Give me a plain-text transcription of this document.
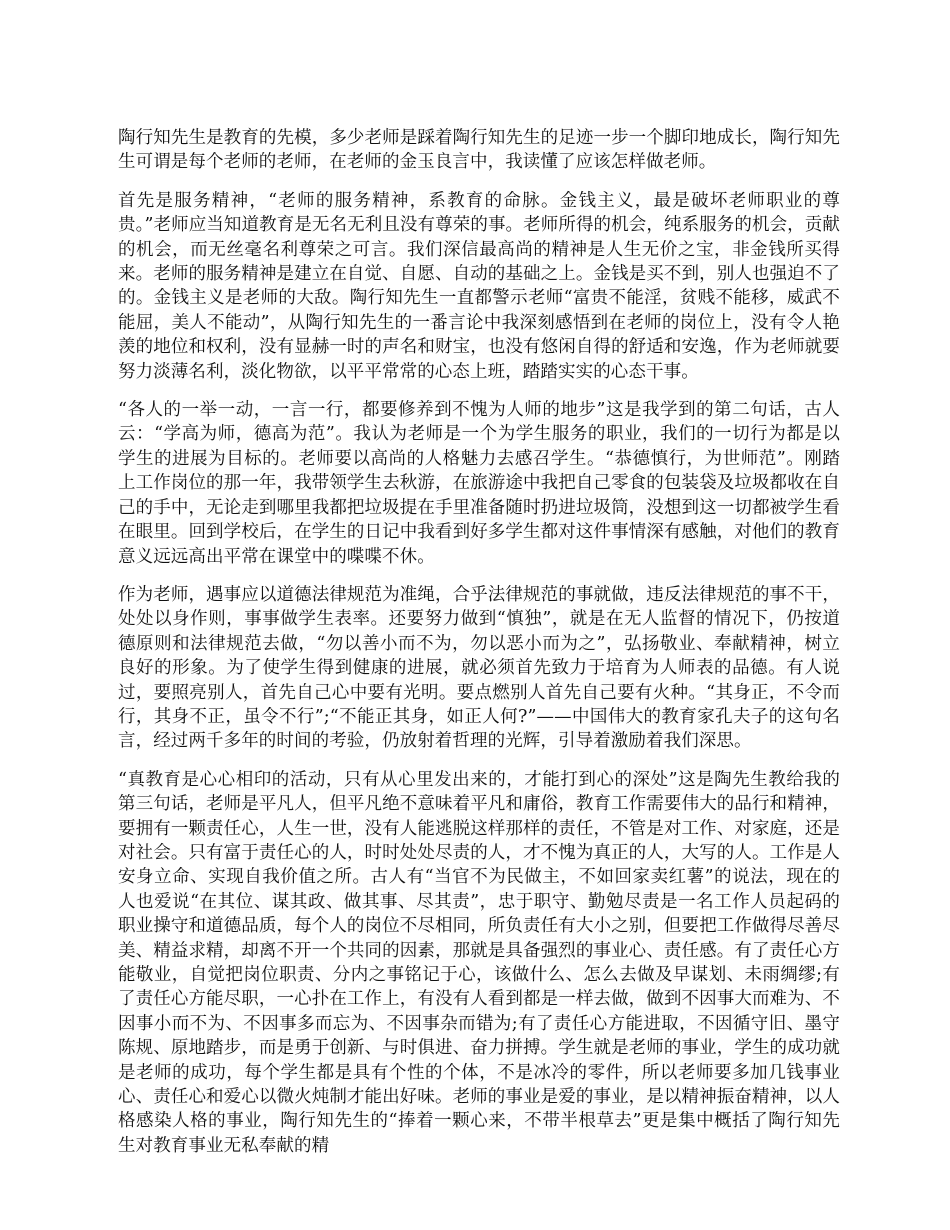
陶行知先生是教育的先模，多少老师是踩着陶行知先生的足迹一步一个脚印地成长，陶行知先生可谓是每个老师的老师，在老师的金玉良言中，我读懂了应该怎样做老师。

首先是服务精神，“老师的服务精神，系教育的命脉。金钱主义，最是破坏老师职业的尊贵。”老师应当知道教育是无名无利且没有尊荣的事。老师所得的机会，纯系服务的机会，贡献的机会，而无丝毫名利尊荣之可言。我们深信最高尚的精神是人生无价之宝，非金钱所买得来。老师的服务精神是建立在自觉、自愿、自动的基础之上。金钱是买不到，别人也强迫不了的。金钱主义是老师的大敌。陶行知先生一直都警示老师“富贵不能淫，贫贱不能移，威武不能屈，美人不能动”，从陶行知先生的一番言论中我深刻感悟到在老师的岗位上，没有令人艳羡的地位和权利，没有显赫一时的声名和财宝，也没有悠闲自得的舒适和安逸，作为老师就要努力淡薄名利，淡化物欲，以平平常常的心态上班，踏踏实实的心态干事。

“各人的一举一动，一言一行，都要修养到不愧为人师的地步”这是我学到的第二句话，古人云：“学高为师，德高为范”。我认为老师是一个为学生服务的职业，我们的一切行为都是以学生的进展为目标的。老师要以高尚的人格魅力去感召学生。“恭德慎行，为世师范”。刚踏上工作岗位的那一年，我带领学生去秋游，在旅游途中我把自己零食的包装袋及垃圾都收在自己的手中，无论走到哪里我都把垃圾提在手里准备随时扔进垃圾筒，没想到这一切都被学生看在眼里。回到学校后，在学生的日记中我看到好多学生都对这件事情深有感触，对他们的教育意义远远高出平常在课堂中的喋喋不休。

作为老师，遇事应以道德法律规范为准绳，合乎法律规范的事就做，违反法律规范的事不干，处处以身作则，事事做学生表率。还要努力做到“慎独”，就是在无人监督的情况下，仍按道德原则和法律规范去做，“勿以善小而不为，勿以恶小而为之”，弘扬敬业、奉献精神，树立良好的形象。为了使学生得到健康的进展，就必须首先致力于培育为人师表的品德。有人说过，要照亮别人，首先自己心中要有光明。要点燃别人首先自己要有火种。“其身正，不令而行，其身不正，虽令不行”;“不能正其身，如正人何?”——中国伟大的教育家孔夫子的这句名言，经过两千多年的时间的考验，仍放射着哲理的光辉，引导着激励着我们深思。

“真教育是心心相印的活动，只有从心里发出来的，才能打到心的深处”这是陶先生教给我的第三句话，老师是平凡人，但平凡绝不意味着平凡和庸俗，教育工作需要伟大的品行和精神，要拥有一颗责任心，人生一世，没有人能逃脱这样那样的责任，不管是对工作、对家庭，还是对社会。只有富于责任心的人，时时处处尽责的人，才不愧为真正的人，大写的人。工作是人安身立命、实现自我价值之所。古人有“当官不为民做主，不如回家卖红薯”的说法，现在的人也爱说“在其位、谋其政、做其事、尽其责”，忠于职守、勤勉尽责是一名工作人员起码的职业操守和道德品质，每个人的岗位不尽相同，所负责任有大小之别，但要把工作做得尽善尽美、精益求精，却离不开一个共同的因素，那就是具备强烈的事业心、责任感。有了责任心方能敬业，自觉把岗位职责、分内之事铭记于心，该做什么、怎么去做及早谋划、未雨绸缪;有了责任心方能尽职，一心扑在工作上，有没有人看到都是一样去做，做到不因事大而难为、不因事小而不为、不因事多而忘为、不因事杂而错为;有了责任心方能进取，不因循守旧、墨守陈规、原地踏步，而是勇于创新、与时俱进、奋力拼搏。学生就是老师的事业，学生的成功就是老师的成功，每个学生都是具有个性的个体，不是冰冷的零件，所以老师要多加几钱事业心、责任心和爱心以微火炖制才能出好味。老师的事业是爱的事业，是以精神振奋精神，以人格感染人格的事业，陶行知先生的“捧着一颗心来，不带半根草去”更是集中概括了陶行知先生对教育事业无私奉献的精
